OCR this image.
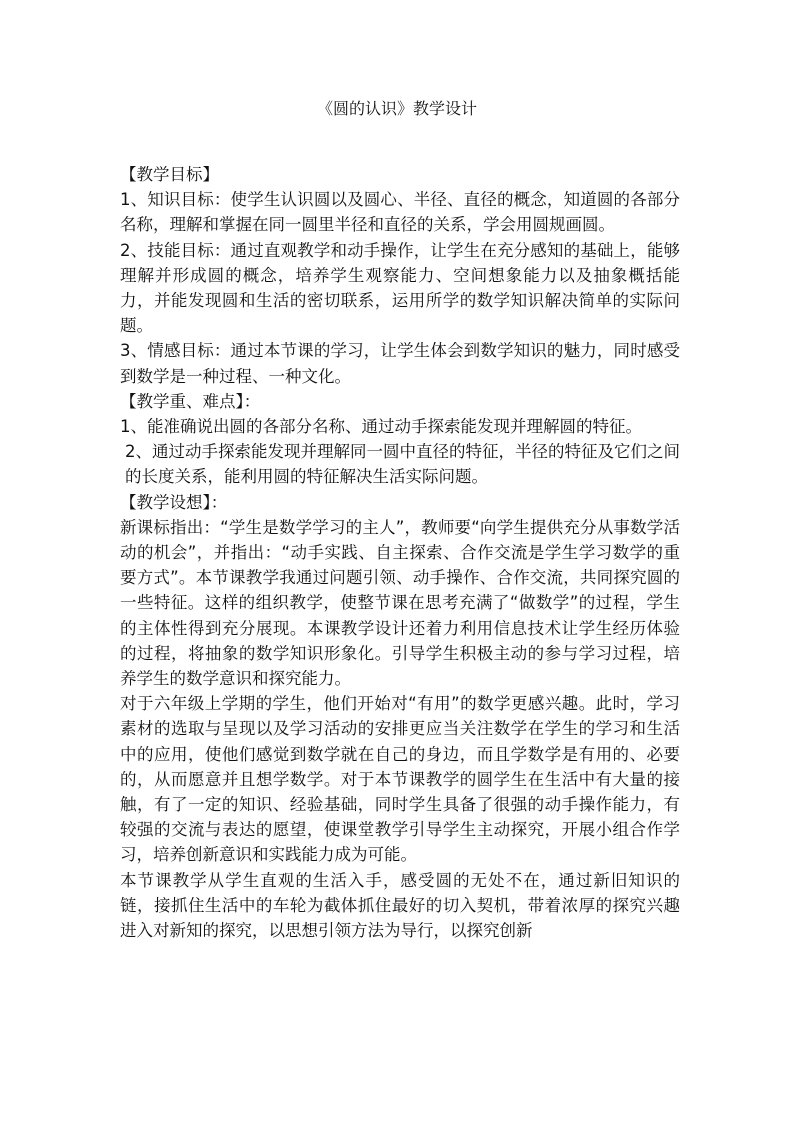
《圆的认识》教学设计

【教学目标】

1、知识目标：使学生认识圆以及圆心、半径、直径的概念，知道圆的各部分名称，理解和掌握在同一圆里半径和直径的关系，学会用圆规画圆。

2、技能目标：通过直观教学和动手操作，让学生在充分感知的基础上，能够理解并形成圆的概念，培养学生观察能力、空间想象能力以及抽象概括能力，并能发现圆和生活的密切联系，运用所学的数学知识解决简单的实际问题。

3、情感目标：通过本节课的学习，让学生体会到数学知识的魅力，同时感受到数学是一种过程、一种文化。

【教学重、难点】：

1、能准确说出圆的各部分名称、通过动手探索能发现并理解圆的特征。

2、通过动手探索能发现并理解同一圆中直径的特征，半径的特征及它们之间的长度关系，能利用圆的特征解决生活实际问题。

【教学设想】：

新课标指出：“学生是数学学习的主人”，教师要“向学生提供充分从事数学活动的机会”，并指出：“动手实践、自主探索、合作交流是学生学习数学的重要方式”。本节课教学我通过问题引领、动手操作、合作交流，共同探究圆的一些特征。这样的组织教学，使整节课在思考充满了“做数学”的过程，学生的主体性得到充分展现。本课教学设计还着力利用信息技术让学生经历体验的过程，将抽象的数学知识形象化。引导学生积极主动的参与学习过程，培养学生的数学意识和探究能力。

对于六年级上学期的学生，他们开始对“有用”的数学更感兴趣。此时，学习素材的选取与呈现以及学习活动的安排更应当关注数学在学生的学习和生活中的应用，使他们感觉到数学就在自己的身边，而且学数学是有用的、必要的，从而愿意并且想学数学。对于本节课教学的圆学生在生活中有大量的接触，有了一定的知识、经验基础，同时学生具备了很强的动手操作能力，有较强的交流与表达的愿望，使课堂教学引导学生主动探究，开展小组合作学习，培养创新意识和实践能力成为可能。

本节课教学从学生直观的生活入手，感受圆的无处不在，通过新旧知识的链，接抓住生活中的车轮为截体抓住最好的切入契机，带着浓厚的探究兴趣进入对新知的探究，以思想引领方法为导行，以探究创新
